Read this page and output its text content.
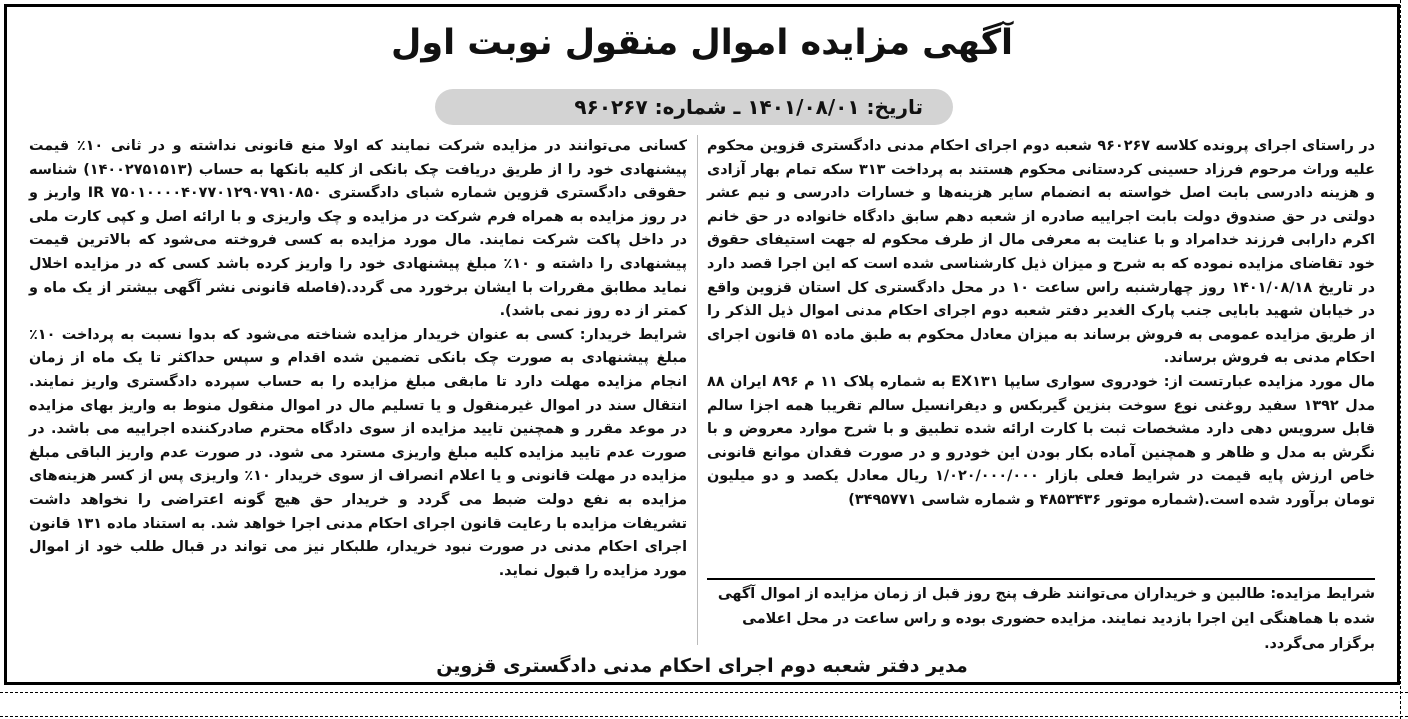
آگهی مزایده اموال منقول نوبت اول
تاریخ: ۱۴۰۱/۰۸/۰۱ ـ شماره: ۹۶۰۲۶۷

در راستای اجرای پرونده کلاسه ۹۶۰۲۶۷ شعبه دوم اجرای احکام مدنی دادگستری قزوین محکوم علیه وراث مرحوم فرزاد حسینی کردستانی محکوم هستند به پرداخت ۳۱۳ سکه تمام بهار آزادی و هزینه دادرسی بابت اصل خواسته به انضمام سایر هزینه‌ها و خسارات دادرسی و نیم عشر دولتی در حق صندوق دولت بابت اجراییه صادره از شعبه دهم سابق دادگاه خانواده در حق خانم اکرم دارابی فرزند خدامراد و با عنایت به معرفی مال از طرف محکوم له جهت استیفای حقوق خود تقاضای مزایده نموده که به شرح و میزان ذیل کارشناسی شده است که این اجرا قصد دارد در تاریخ ۱۴۰۱/۰۸/۱۸ روز چهارشنبه راس ساعت ۱۰ در محل دادگستری کل استان قزوین واقع در خیابان شهید بابایی جنب پارک الغدیر دفتر شعبه دوم اجرای احکام مدنی اموال ذیل الذکر را از طریق مزایده عمومی به فروش برساند به میزان معادل محکوم به طبق ماده ۵۱ قانون اجرای احکام مدنی به فروش برساند.

مال مورد مزایده عبارتست از: خودروی سواری سایپا EX۱۳۱ به شماره پلاک ۱۱ م ۸۹۶ ایران ۸۸ مدل ۱۳۹۲ سفید روغنی نوع سوخت بنزین گیربکس و دیفرانسیل سالم تقریبا همه اجزا سالم قابل سرویس دهی دارد مشخصات ثبت با کارت ارائه شده تطبیق و با شرح موارد معروض و با نگرش به مدل و ظاهر و همچنین آماده بکار بودن این خودرو و در صورت فقدان موانع قانونی خاص ارزش پایه قیمت در شرایط فعلی بازار ۱/۰۲۰/۰۰۰/۰۰۰ ریال معادل یکصد و دو میلیون تومان برآورد شده است.(شماره موتور ۴۸۵۳۴۳۶ و شماره شاسی ۳۴۹۵۷۷۱)

شرایط مزایده: طالبین و خریداران می‌توانند ظرف پنج روز قبل از زمان مزایده از اموال آگهی شده با هماهنگی این اجرا بازدید نمایند. مزایده حضوری بوده و راس ساعت در محل اعلامی برگزار می‌گردد.

کسانی می‌توانند در مزایده شرکت نمایند که اولا منع قانونی نداشته و در ثانی ۱۰٪ قیمت پیشنهادی خود را از طریق دریافت چک بانکی از کلیه بانکها به حساب (۱۴۰۰۲۷۵۱۵۱۳) شناسه حقوقی دادگستری قزوین شماره شبای دادگستری IR ۷۵۰۱۰۰۰۰۴۰۷۷۰۱۲۹۰۷۹۱۰۸۵۰ واریز و در روز مزایده به همراه فرم شرکت در مزایده و چک واریزی و با ارائه اصل و کپی کارت ملی در داخل پاکت شرکت نمایند. مال مورد مزایده به کسی فروخته می‌شود که بالاترین قیمت پیشنهادی را داشته و ۱۰٪ مبلغ پیشنهادی خود را واریز کرده باشد کسی که در مزایده اخلال نماید مطابق مقررات با ایشان برخورد می گردد.(فاصله قانونی نشر آگهی بیشتر از یک ماه و کمتر از ده روز نمی باشد).

شرایط خریدار: کسی به عنوان خریدار مزایده شناخته می‌شود که بدوا نسبت به پرداخت ۱۰٪ مبلغ پیشنهادی به صورت چک بانکی تضمین شده اقدام و سپس حداکثر تا یک ماه از زمان انجام مزایده مهلت دارد تا مابقی مبلغ مزایده را به حساب سپرده دادگستری واریز نمایند. انتقال سند در اموال غیرمنقول و یا تسلیم مال در اموال منقول منوط به واریز بهای مزایده در موعد مقرر و همچنین تایید مزایده از سوی دادگاه محترم صادرکننده اجراییه می باشد. در صورت عدم تایید مزایده کلیه مبلغ واریزی مسترد می شود. در صورت عدم واریز الباقی مبلغ مزایده در مهلت قانونی و یا اعلام انصراف از سوی خریدار ۱۰٪ واریزی پس از کسر هزینه‌های مزایده به نفع دولت ضبط می گردد و خریدار حق هیچ گونه اعتراضی را نخواهد داشت تشریفات مزایده با رعایت قانون اجرای احکام مدنی اجرا خواهد شد. به استناد ماده ۱۳۱ قانون اجرای احکام مدنی در صورت نبود خریدار، طلبکار نیز می تواند در قبال طلب خود از اموال مورد مزایده را قبول نماید.

مدیر دفتر شعبه دوم اجرای احکام مدنی دادگستری قزوین
